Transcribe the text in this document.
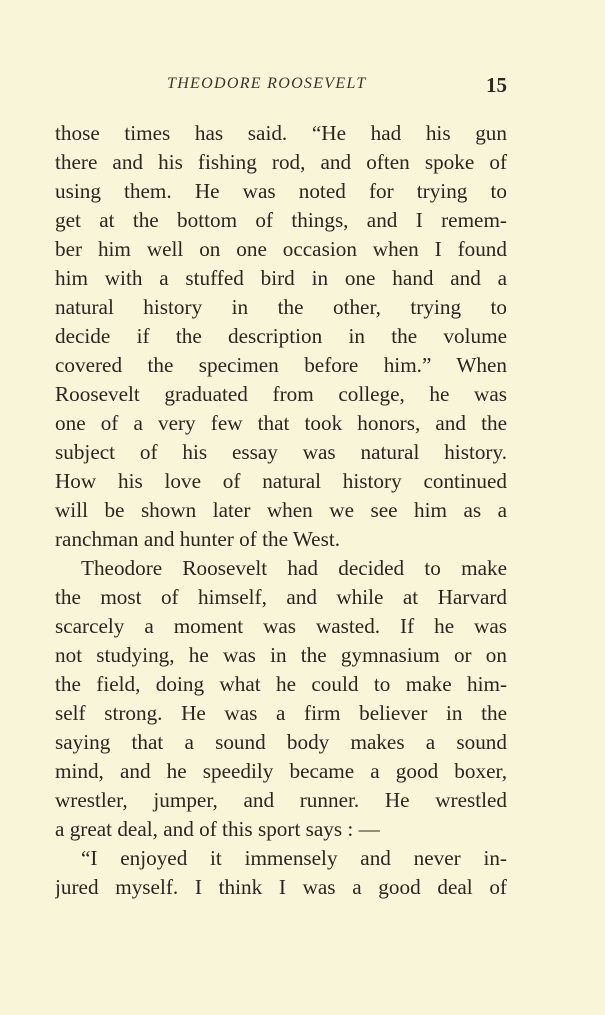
THEODORE ROOSEVELT	15
those times has said. “He had his gun
there and his fishing rod, and often spoke of
using them. He was noted for trying to
get at the bottom of things, and I remem-
ber him well on one occasion when I found
him with a stuffed bird in one hand and a
natural history in the other, trying to
decide if the description in the volume
covered the specimen before him.” When
Roosevelt graduated from college, he was
one of a very few that took honors, and the
subject of his essay was natural history.
How his love of natural history continued
will be shown later when we see him as a
ranchman and hunter of the West.
Theodore Roosevelt had decided to make
the most of himself, and while at Harvard
scarcely a moment was wasted. If he was
not studying, he was in the gymnasium or on
the field, doing what he could to make him-
self strong. He was a firm believer in the
saying that a sound body makes a sound
mind, and he speedily became a good boxer,
wrestler, jumper, and runner. He wrestled
a great deal, and of this sport says : —
“I enjoyed it immensely and never in-
jured myself. I think I was a good deal of
